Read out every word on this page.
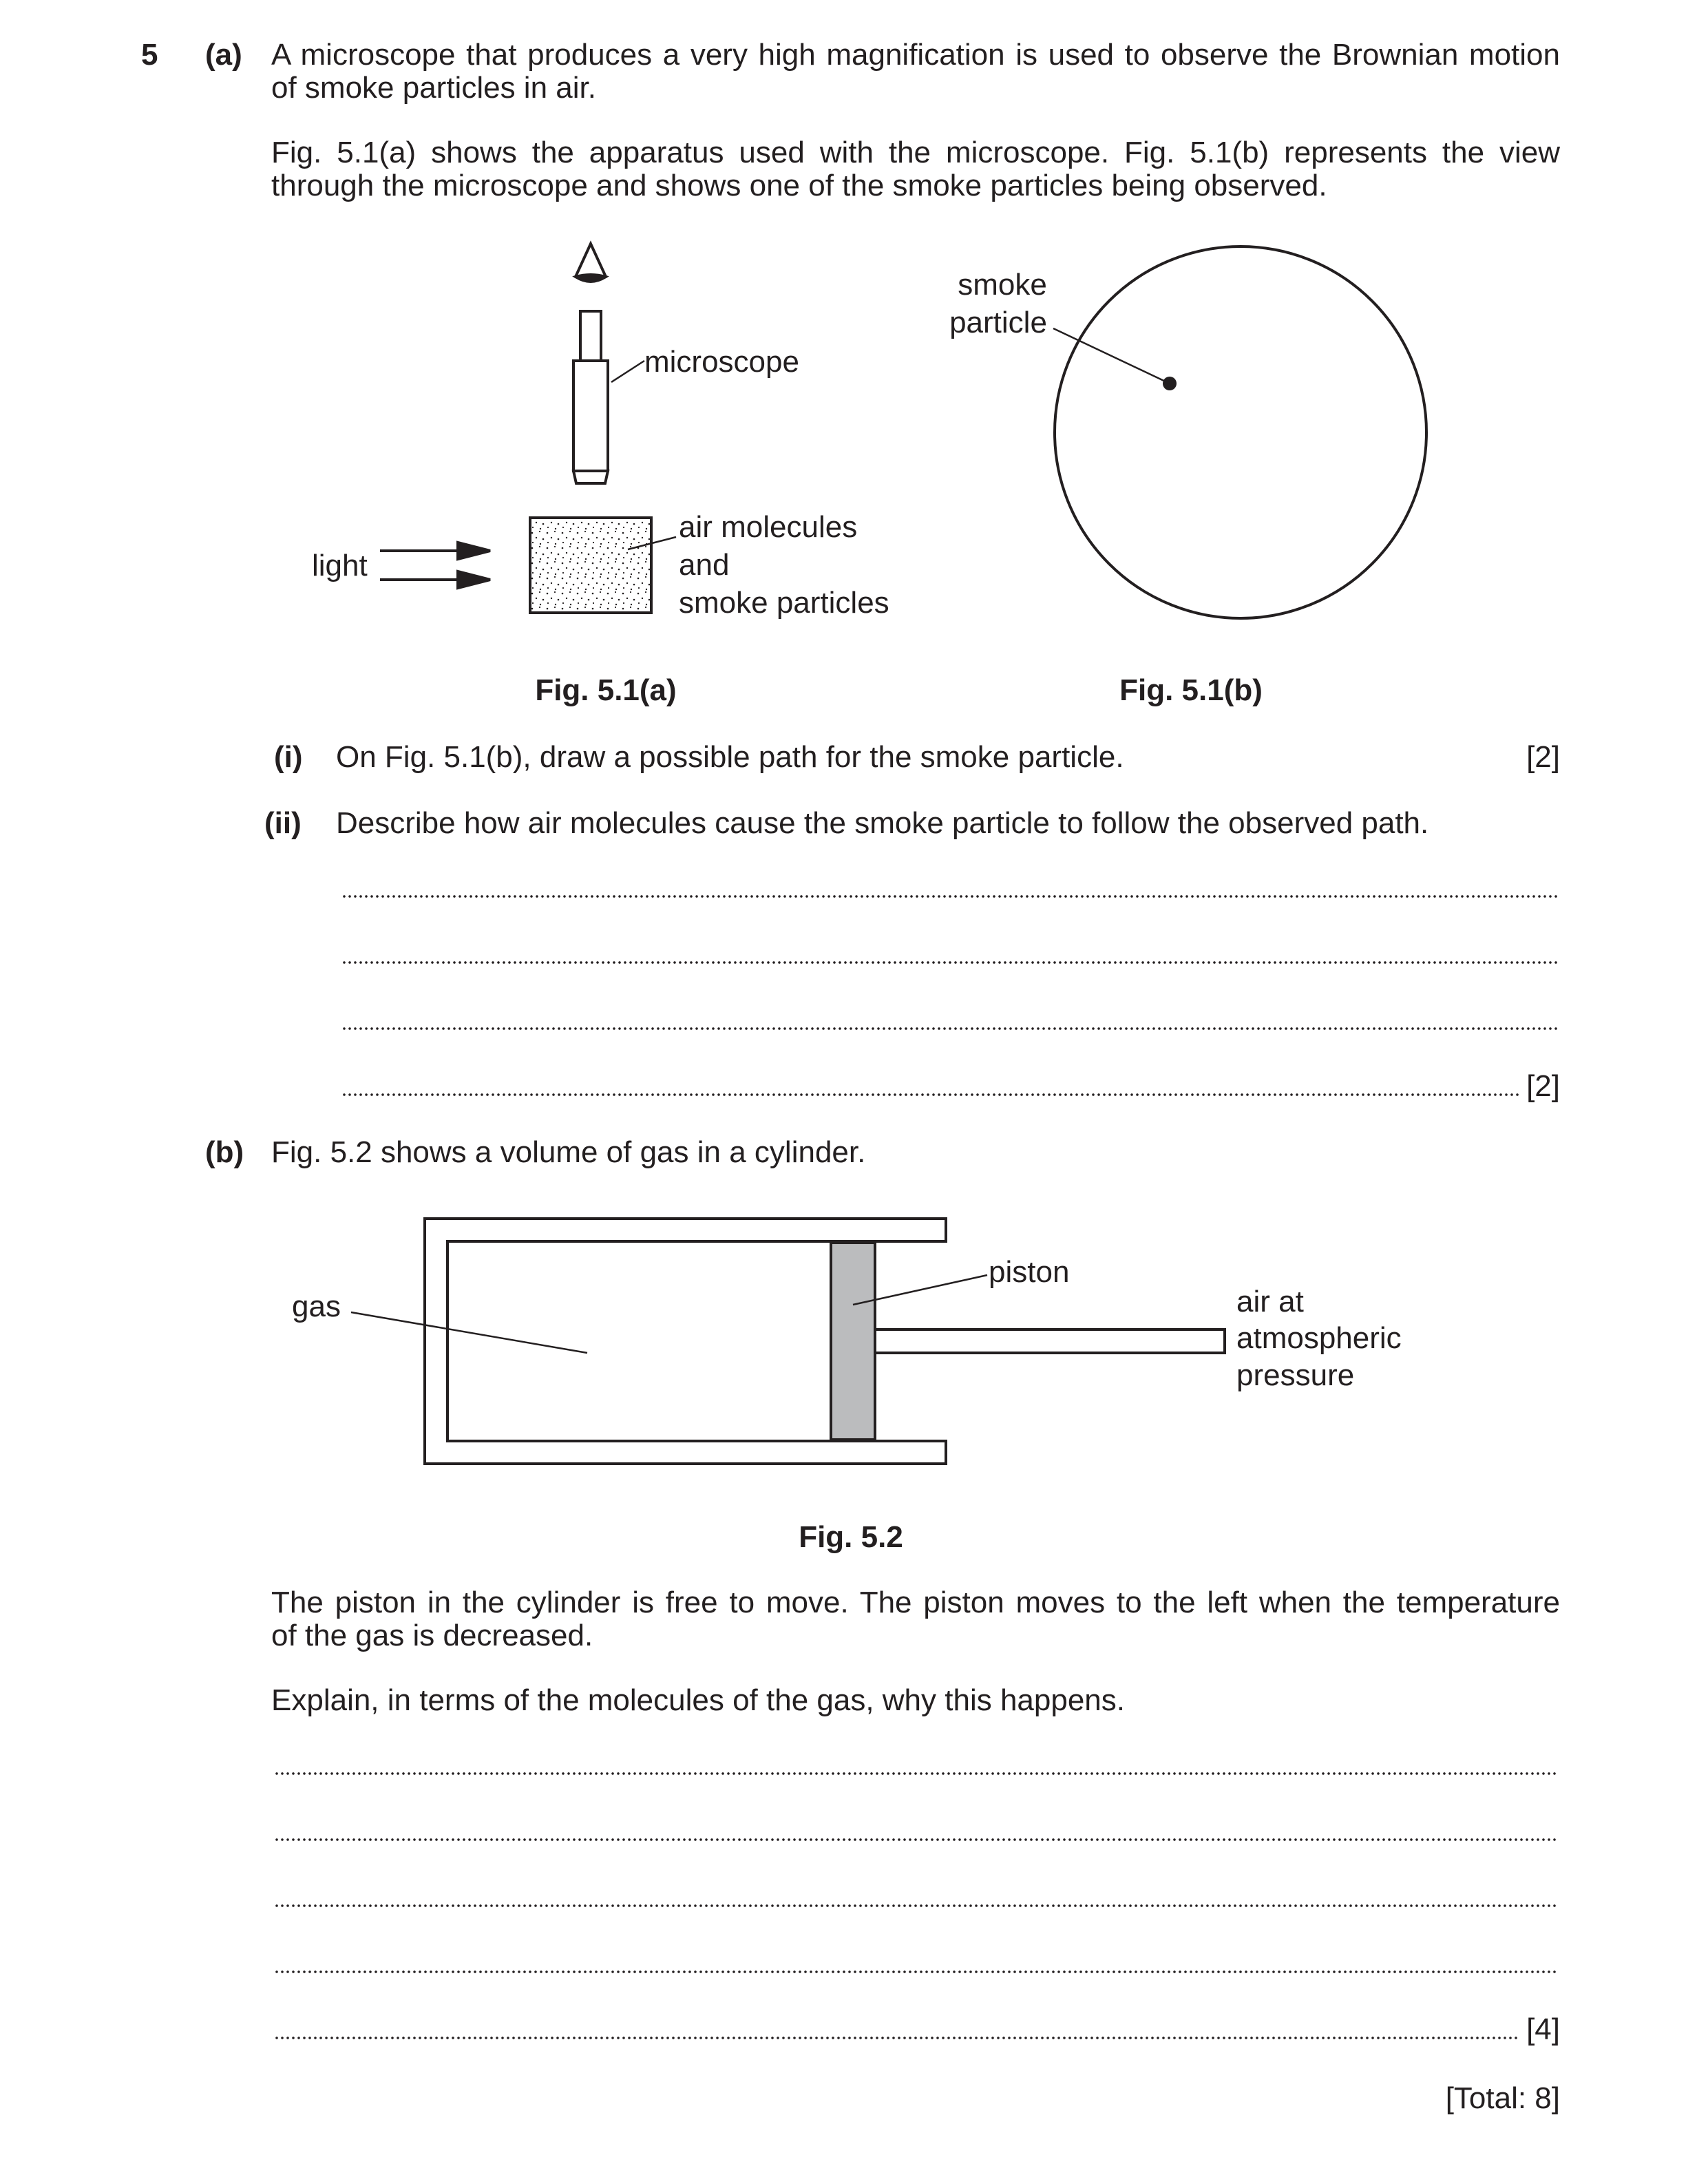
5 (a) A microscope that produces a very high magnification is used to observe the Brownian motion
of smoke particles in air.
Fig. 5.1(a) shows the apparatus used with the microscope. Fig. 5.1(b) represents the view
through the microscope and shows one of the smoke particles being observed.
microscope
light
air molecules
and
smoke particles
Fig. 5.1(a)
smoke
particle
Fig. 5.1(b)
(i) On Fig. 5.1(b), draw a possible path for the smoke particle.	[2]
(ii) Describe how air molecules cause the smoke particle to follow the observed path.
[2]
(b) Fig. 5.2 shows a volume of gas in a cylinder.
gas
piston
air at
atmospheric
pressure
Fig. 5.2
The piston in the cylinder is free to move. The piston moves to the left when the temperature
of the gas is decreased.
Explain, in terms of the molecules of the gas, why this happens.
[4]
[Total: 8]
